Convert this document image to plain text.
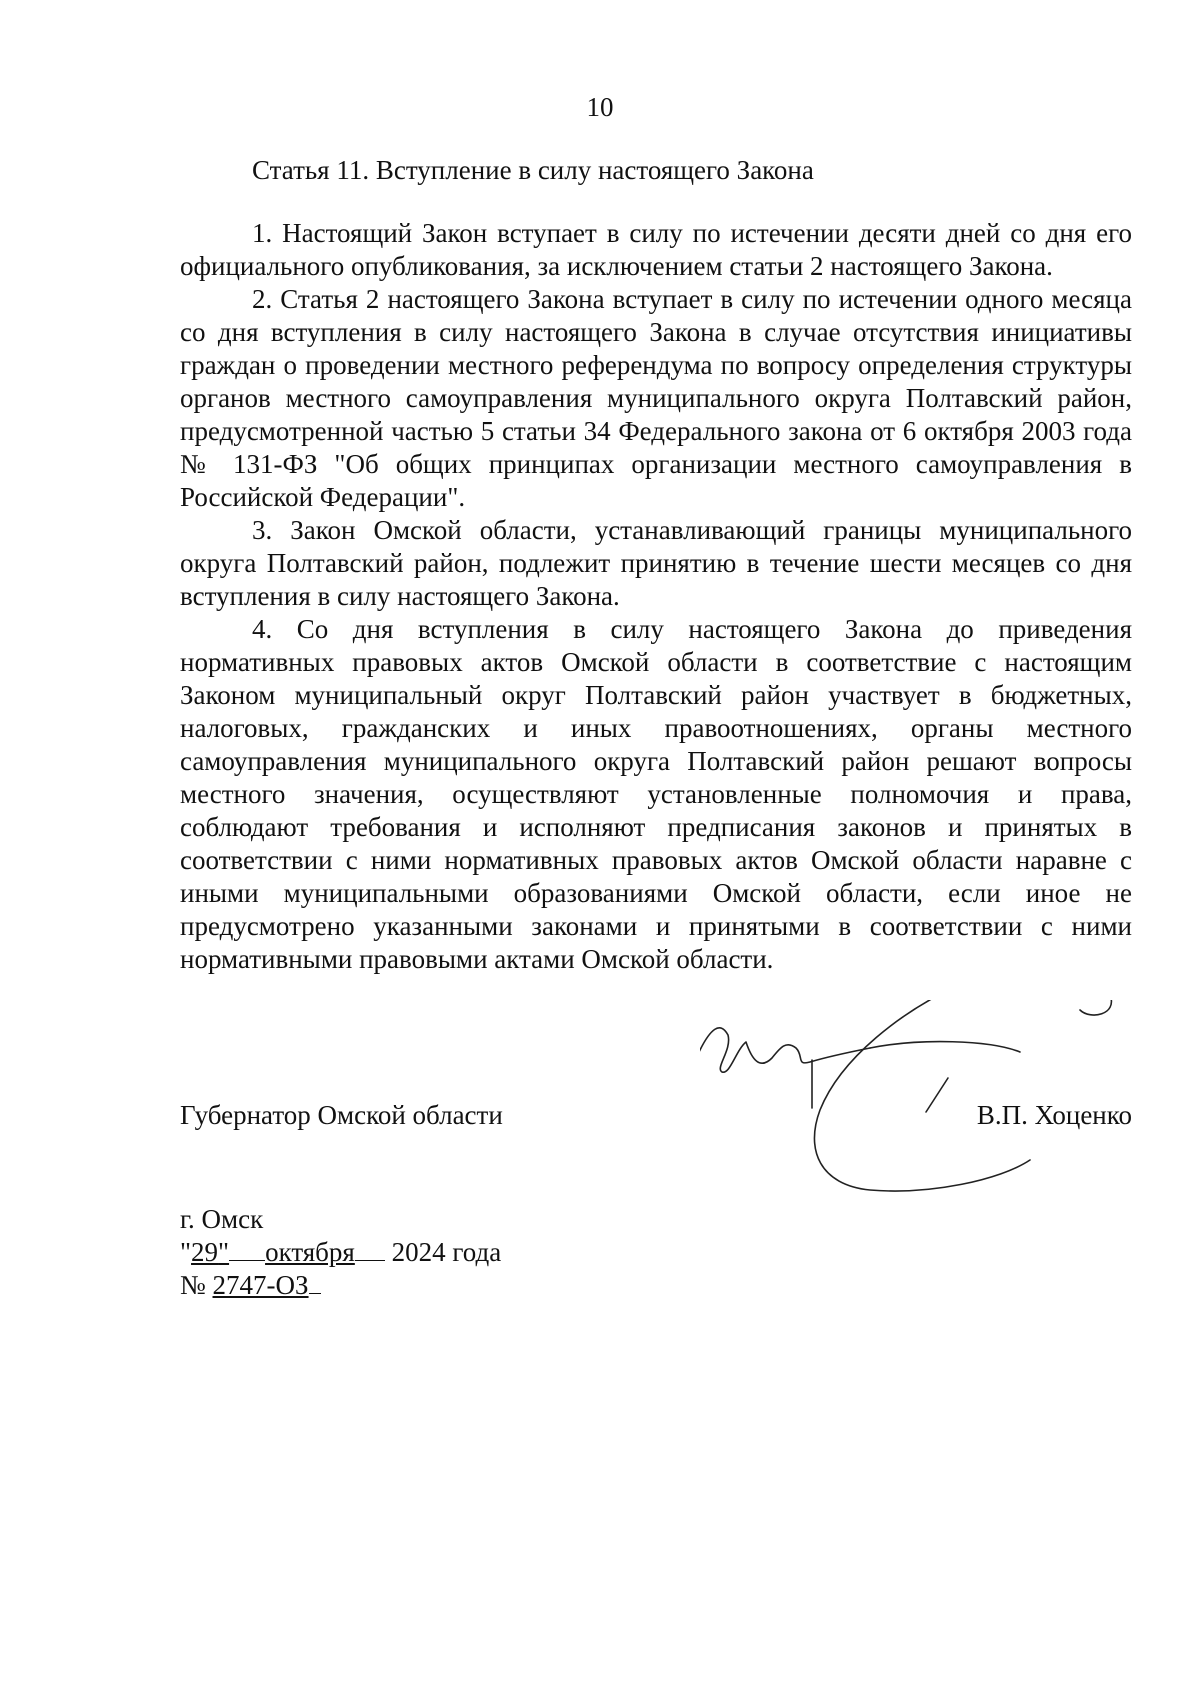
10
Статья 11. Вступление в силу настоящего Закона

1. Настоящий Закон вступает в силу по истечении десяти дней со дня его официального опубликования, за исключением статьи 2 настоящего Закона.

2. Статья 2 настоящего Закона вступает в силу по истечении одного месяца со дня вступления в силу настоящего Закона в случае отсутствия инициативы граждан о проведении местного референдума по вопросу определения структуры органов местного самоуправления муниципального округа Полтавский район, предусмотренной частью 5 статьи 34 Федерального закона от 6 октября 2003 года № 131-ФЗ "Об общих принципах организации местного самоуправления в Российской Федерации".

3. Закон Омской области, устанавливающий границы муниципального округа Полтавский район, подлежит принятию в течение шести месяцев со дня вступления в силу настоящего Закона.

4. Со дня вступления в силу настоящего Закона до приведения нормативных правовых актов Омской области в соответствие с настоящим Законом муниципальный округ Полтавский район участвует в бюджетных, налоговых, гражданских и иных правоотношениях, органы местного самоуправления муниципального округа Полтавский район решают вопросы местного значения, осуществляют установленные полномочия и права, соблюдают требования и исполняют предписания законов и принятых в соответствии с ними нормативных правовых актов Омской области наравне с иными муниципальными образованиями Омской области, если иное не предусмотрено указанными законами и принятыми в соответствии с ними нормативными правовыми актами Омской области.

Губернатор Омской области	В.П. Хоценко
г. Омск
"29" октября 2024 года
№ 2747-ОЗ
